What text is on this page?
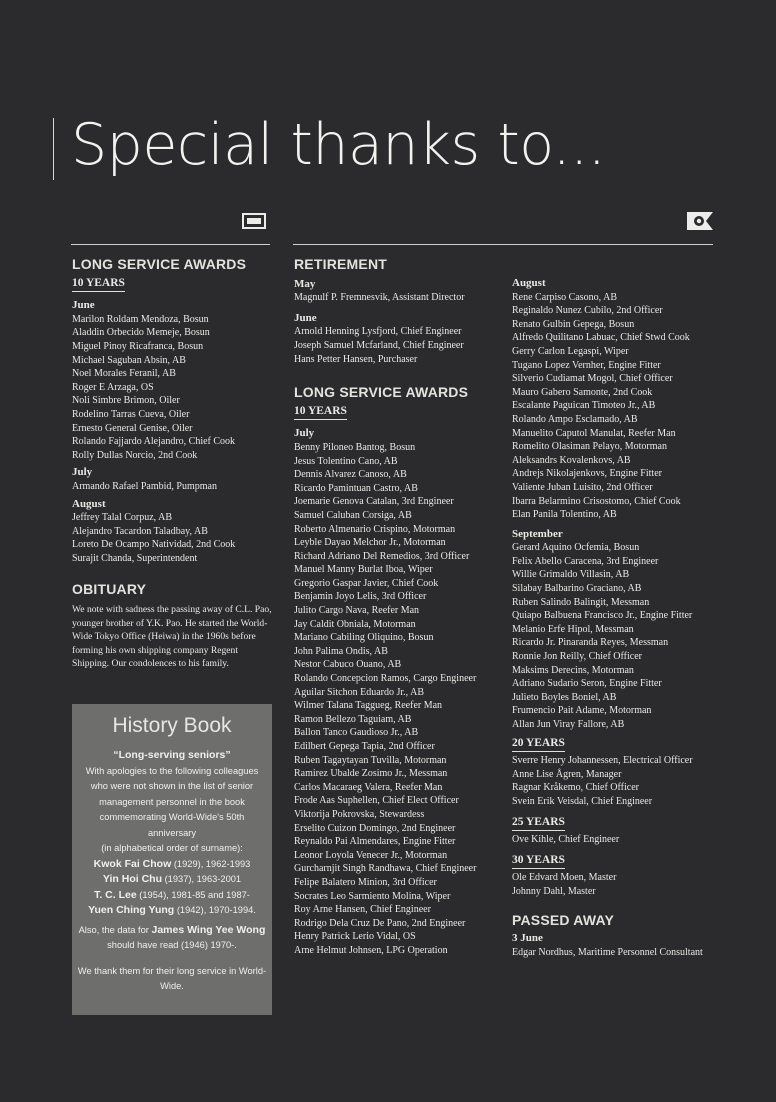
Special thanks to...
LONG SERVICE AWARDS
10 YEARS

June

Marilon Roldam Mendoza, Bosun
Aladdin Orbecido Memeje, Bosun
Miguel Pinoy Ricafranca, Bosun
Michael Saguban Absin, AB
Noel Morales Feranil, AB
Roger E Arzaga, OS
Noli Simbre Brimon, Oiler
Rodelino Tarras Cueva, Oiler
Ernesto General Genise, Oiler
Rolando Fajjardo Alejandro, Chief Cook
Rolly Dullas Norcio, 2nd Cook

July

Armando Rafael Pambid, Pumpman

August

Jeffrey Talal Corpuz, AB
Alejandro Tacardon Taladbay, AB
Loreto De Ocampo Natividad, 2nd Cook
Surajit Chanda, Superintendent
OBITUARY

We note with sadness the passing away of C.L. Pao, younger brother of Y.K. Pao. He started the World-Wide Tokyo Office (Heiwa) in the 1960s before forming his own shipping company Regent Shipping. Our condolences to his family.

History Book

“Long-serving seniors”

With apologies to the following colleagues who were not shown in the list of senior management personnel in the book commemorating World-Wide's 50th anniversary

(in alphabetical order of surname):

Kwok Fai Chow (1929), 1962-1993

Yin Hoi Chu (1937), 1963-2001

T. C. Lee (1954), 1981-85 and 1987-

Yuen Ching Yung (1942), 1970-1994.

Also, the data for James Wing Yee Wong should have read (1946) 1970-.

We thank them for their long service in World-Wide.

RETIREMENT

May

Magnulf P. Fremnesvik, Assistant Director

June

Arnold Henning Lysfjord, Chief Engineer
Joseph Samuel Mcfarland, Chief Engineer
Hans Petter Hansen, Purchaser
LONG SERVICE AWARDS
10 YEARS

July

Benny Piloneo Bantog, Bosun
Jesus Tolentino Cano, AB
Dennis Alvarez Canoso, AB
Ricardo Pamintuan Castro, AB
Joemarie Genova Catalan, 3rd Engineer
Samuel Caluban Corsiga, AB
Roberto Almenario Crispino, Motorman
Leyble Dayao Melchor Jr., Motorman
Richard Adriano Del Remedios, 3rd Officer
Manuel Manny Burlat Iboa, Wiper
Gregorio Gaspar Javier, Chief Cook
Benjamin Joyo Lelis, 3rd Officer
Julito Cargo Nava, Reefer Man
Jay Caldit Obniala, Motorman
Mariano Cabiling Oliquino, Bosun
John Palima Ondis, AB
Nestor Cabuco Ouano, AB
Rolando Concepcion Ramos, Cargo Engineer
Aguilar Sitchon Eduardo Jr., AB
Wilmer Talana Taggueg, Reefer Man
Ramon Bellezo Taguiam, AB
Ballon Tanco Gaudioso Jr., AB
Edilbert Gepega Tapia, 2nd Officer
Ruben Tagaytayan Tuvilla, Motorman
Ramirez Ubalde Zosimo Jr., Messman
Carlos Macaraeg Valera, Reefer Man
Frode Aas Suphellen, Chief Elect Officer
Viktorija Pokrovska, Stewardess
Erselito Cuizon Domingo, 2nd Engineer
Reynaldo Pai Almendares, Engine Fitter
Leonor Loyola Venecer Jr., Motorman
Gurcharnjit Singh Randhawa, Chief Engineer
Felipe Balatero Minion, 3rd Officer
Socrates Leo Sarmiento Molina, Wiper
Roy Arne Hansen, Chief Engineer
Rodrigo Dela Cruz De Pano, 2nd Engineer
Henry Patrick Lerio Vidal, OS
Arne Helmut Johnsen, LPG Operation

August

Rene Carpiso Casono, AB
Reginaldo Nunez Cubilo, 2nd Officer
Renato Gulbin Gepega, Bosun
Alfredo Quilitano Labuac, Chief Stwd Cook
Gerry Carlon Legaspi, Wiper
Tugano Lopez Vernher, Engine Fitter
Silverio Cudiamat Mogol, Chief Officer
Mauro Gabero Samonte, 2nd Cook
Escalante Paguican Timoteo Jr., AB
Rolando Ampo Esclamado, AB
Manuelito Caputol Manulat, Reefer Man
Romelito Olasiman Pelayo, Motorman
Aleksandrs Kovalenkovs, AB
Andrejs Nikolajenkovs, Engine Fitter
Valiente Juban Luisito, 2nd Officer
Ibarra Belarmino Crisostomo, Chief Cook
Elan Panila Tolentino, AB

September

Gerard Aquino Ocfemia, Bosun
Felix Abello Caracena, 3rd Engineer
Willie Grimaldo Villasin, AB
Silabay Balbarino Graciano, AB
Ruben Salindo Balingit, Messman
Quiapo Balbuena Francisco Jr., Engine Fitter
Melanio Erfe Hipol, Messman
Ricardo Jr. Pinaranda Reyes, Messman
Ronnie Jon Reilly, Chief Officer
Maksims Derecins, Motorman
Adriano Sudario Seron, Engine Fitter
Julieto Boyles Boniel, AB
Frumencio Pait Adame, Motorman
Allan Jun Viray Fallore, AB
20 YEARS
Sverre Henry Johannessen, Electrical Officer
Anne Lise Ågren, Manager
Ragnar Kråkemo, Chief Officer
Svein Erik Veisdal, Chief Engineer
25 YEARS
Ove Kihle, Chief Engineer
30 YEARS
Ole Edvard Moen, Master
Johnny Dahl, Master
PASSED AWAY

3 June

Edgar Nordhus, Maritime Personnel Consultant
